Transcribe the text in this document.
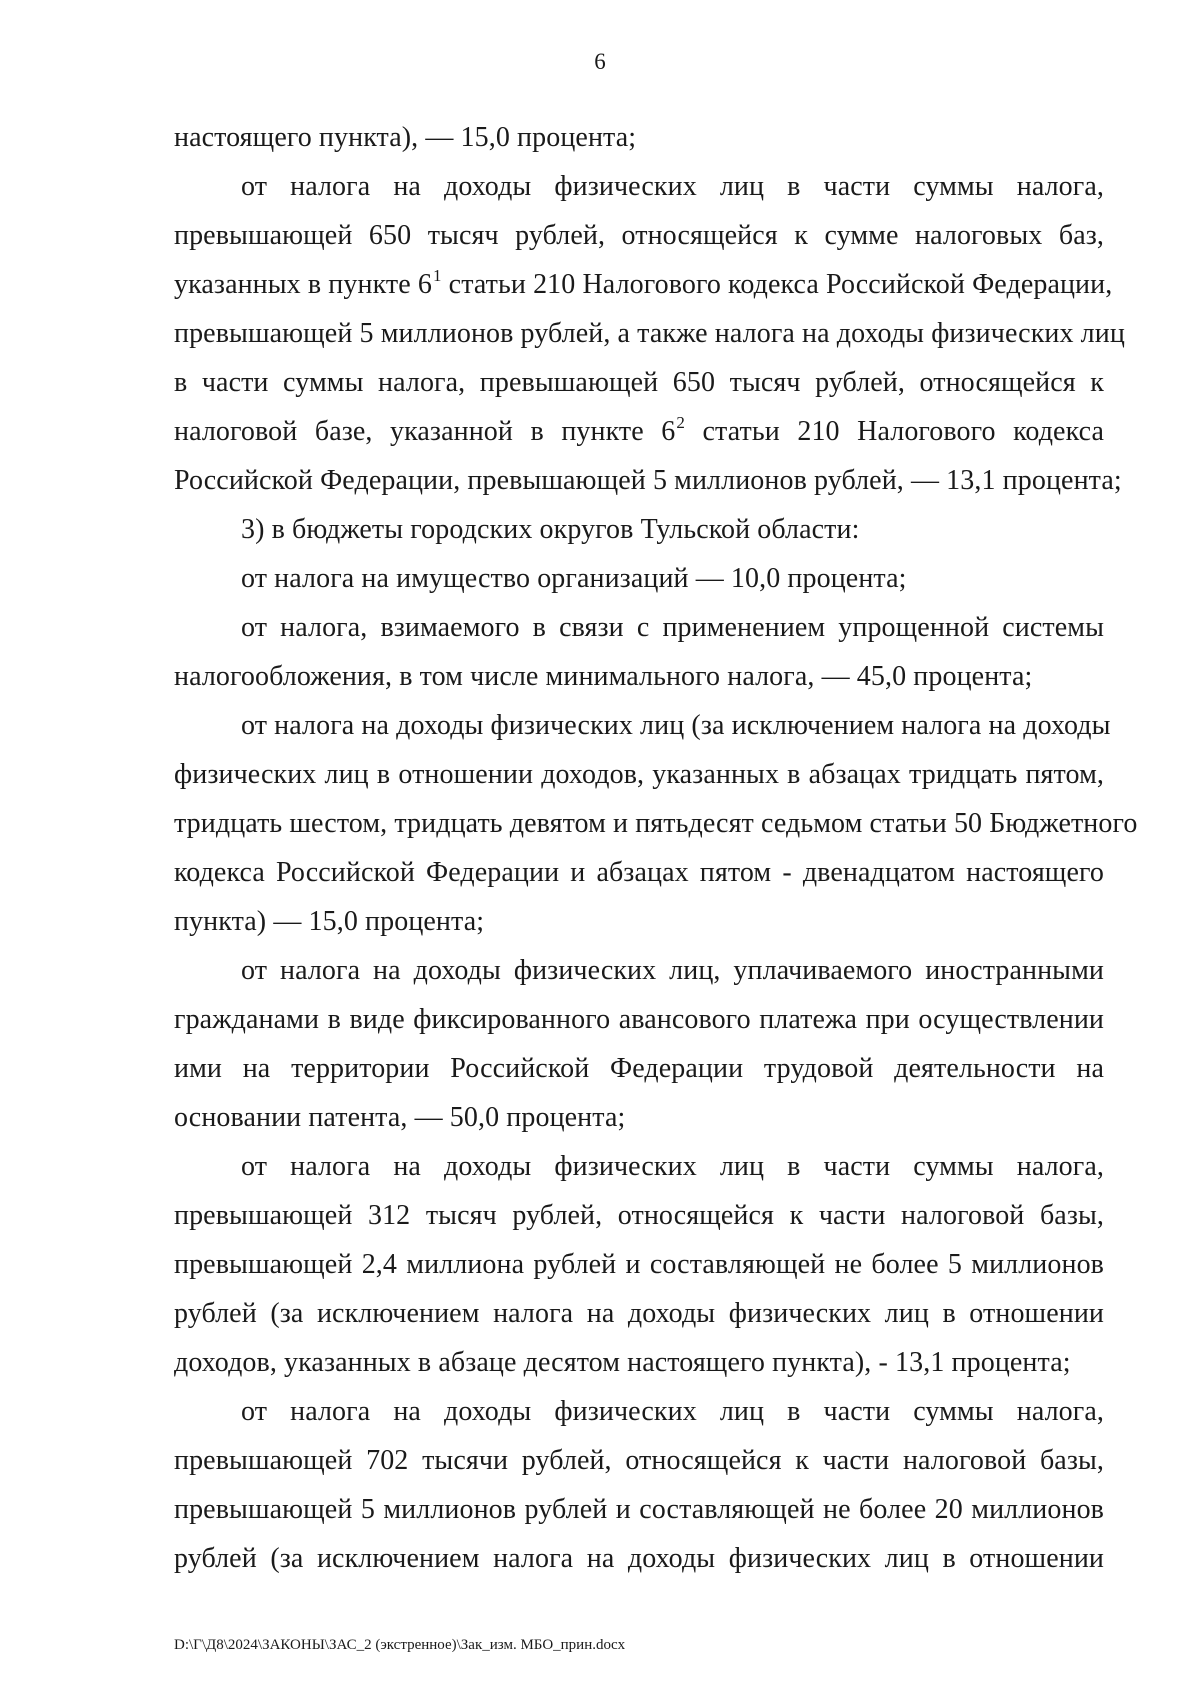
6
настоящего пункта), — 15,0 процента;
от налога на доходы физических лиц в части суммы налога,
превышающей 650 тысяч рублей, относящейся к сумме налоговых баз,
указанных в пункте $6^1$ статьи 210 Налогового кодекса Российской Федерации,
превышающей 5 миллионов рублей, а также налога на доходы физических лиц
в части суммы налога, превышающей 650 тысяч рублей, относящейся к
налоговой базе, указанной в пункте $6^2$ статьи 210 Налогового кодекса
Российской Федерации, превышающей 5 миллионов рублей, — 13,1 процента;
3) в бюджеты городских округов Тульской области:
от налога на имущество организаций — 10,0 процента;
от налога, взимаемого в связи с применением упрощенной системы
налогообложения, в том числе минимального налога, — 45,0 процента;
от налога на доходы физических лиц (за исключением налога на доходы
физических лиц в отношении доходов, указанных в абзацах тридцать пятом,
тридцать шестом, тридцать девятом и пятьдесят седьмом статьи 50 Бюджетного
кодекса Российской Федерации и абзацах пятом - двенадцатом настоящего
пункта) — 15,0 процента;
от налога на доходы физических лиц, уплачиваемого иностранными
гражданами в виде фиксированного авансового платежа при осуществлении
ими на территории Российской Федерации трудовой деятельности на
основании патента, — 50,0 процента;
от налога на доходы физических лиц в части суммы налога,
превышающей 312 тысяч рублей, относящейся к части налоговой базы,
превышающей 2,4 миллиона рублей и составляющей не более 5 миллионов
рублей (за исключением налога на доходы физических лиц в отношении
доходов, указанных в абзаце десятом настоящего пункта), - 13,1 процента;
от налога на доходы физических лиц в части суммы налога,
превышающей 702 тысячи рублей, относящейся к части налоговой базы,
превышающей 5 миллионов рублей и составляющей не более 20 миллионов
рублей (за исключением налога на доходы физических лиц в отношении
D:\Г\Д8\2024\ЗАКОНЫ\ЗАС_2 (экстренное)\Зак_изм. МБО_прин.docx
